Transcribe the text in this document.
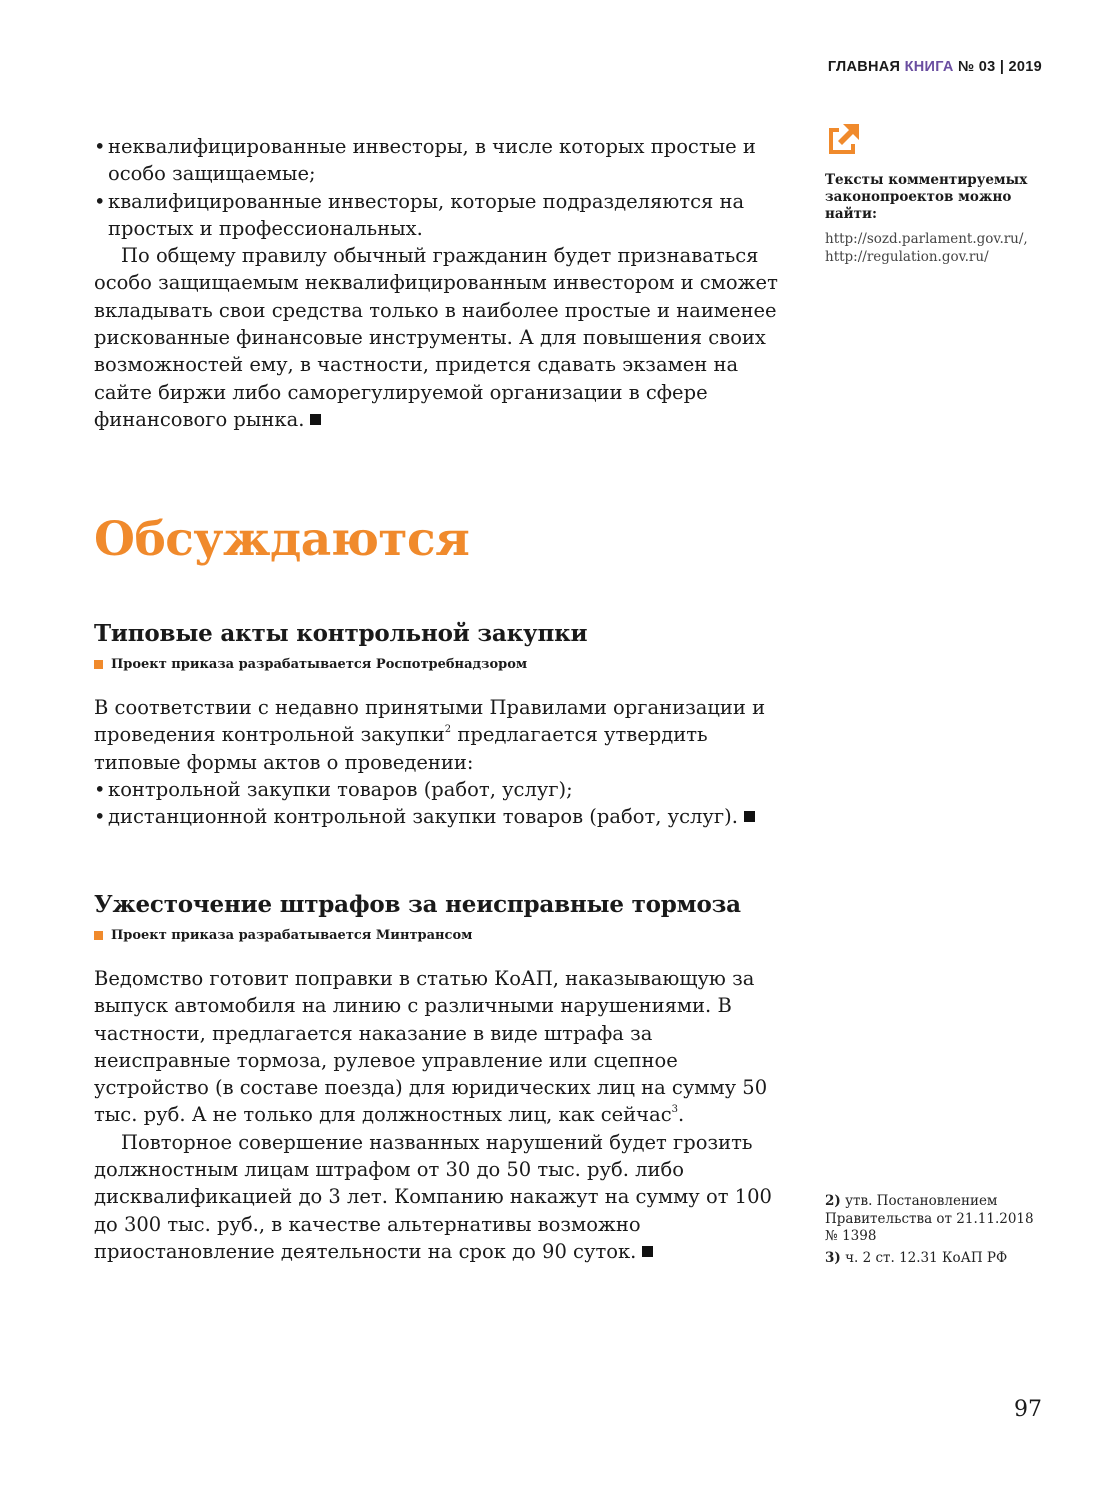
ГЛАВНАЯ КНИГА № 03 | 2019
• неквалифицированные инвесторы, в числе которых простые и особо защищаемые;
• квалифицированные инвесторы, которые подразделяются на простых и профессиональных.

По общему правилу обычный гражданин будет признаваться особо защищаемым неквалифицированным инвестором и сможет вкладывать свои средства только в наиболее простые и наименее рискованные финансовые инструменты. А для повышения своих возможностей ему, в частности, придется сдавать экзамен на сайте биржи либо саморегулируемой организации в сфере финансового рынка.

Обсуждаются
Типовые акты контрольной закупки
Проект приказа разрабатывается Роспотребнадзором

В соответствии с недавно принятыми Правилами организации и проведения контрольной закупки$^2$ предлагается утвердить типовые формы актов о проведении:

• контрольной закупки товаров (работ, услуг);
• дистанционной контрольной закупки товаров (работ, услуг).
Ужесточение штрафов за неисправные тормоза
Проект приказа разрабатывается Минтрансом

Ведомство готовит поправки в статью КоАП, наказывающую за выпуск автомобиля на линию с различными нарушениями. В частности, предлагается наказание в виде штрафа за неисправные тормоза, рулевое управление или сцепное устройство (в составе поезда) для юридических лиц на сумму 50 тыс. руб. А не только для должностных лиц, как сейчас$^3$.

Повторное совершение названных нарушений будет грозить должностным лицам штрафом от 30 до 50 тыс. руб. либо дисквалификацией до 3 лет. Компанию накажут на сумму от 100 до 300 тыс. руб., в качестве альтернативы возможно приостановление деятельности на срок до 90 суток.

Тексты комментируемых законопроектов можно найти:
http://sozd.parlament.gov.ru/,
http://regulation.gov.ru/

2) утв. Постановлением Правительства от 21.11.2018 № 1398

3) ч. 2 ст. 12.31 КоАП РФ

97
